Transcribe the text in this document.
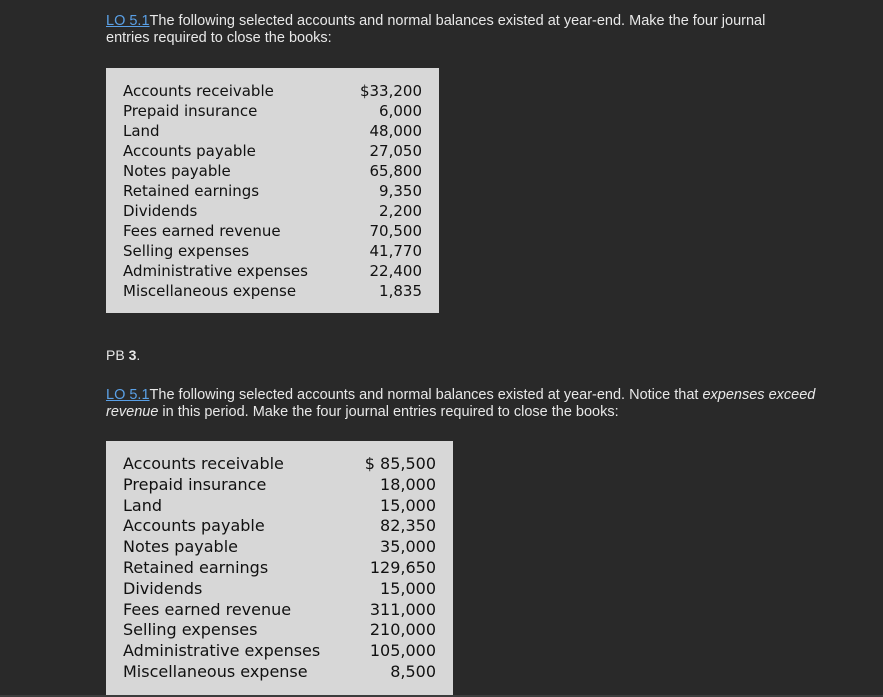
LO 5.1The following selected accounts and normal balances existed at year-end. Make the four journal entries required to close the books:
Accounts receivable	$33,200
Prepaid insurance	6,000
Land	48,000
Accounts payable	27,050
Notes payable	65,800
Retained earnings	9,350
Dividends	2,200
Fees earned revenue	70,500
Selling expenses	41,770
Administrative expenses	22,400
Miscellaneous expense	1,835
PB 3.
LO 5.1The following selected accounts and normal balances existed at year-end. Notice that expenses exceed revenue in this period. Make the four journal entries required to close the books:
Accounts receivable	$ 85,500
Prepaid insurance	18,000
Land	15,000
Accounts payable	82,350
Notes payable	35,000
Retained earnings	129,650
Dividends	15,000
Fees earned revenue	311,000
Selling expenses	210,000
Administrative expenses	105,000
Miscellaneous expense	8,500
